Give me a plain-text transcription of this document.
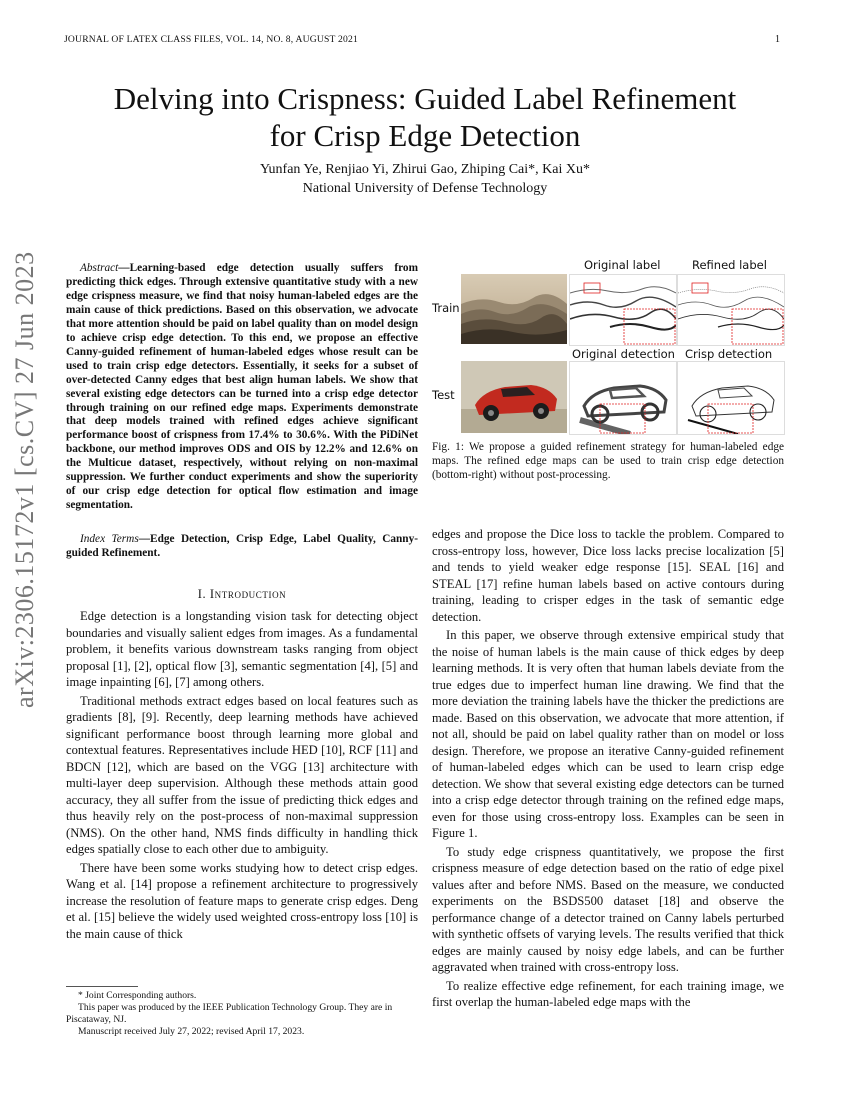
JOURNAL OF LATEX CLASS FILES, VOL. 14, NO. 8, AUGUST 2021	1
Delving into Crispness: Guided Label Refinement
for Crisp Edge Detection
Yunfan Ye, Renjiao Yi, Zhirui Gao, Zhiping Cai*, Kai Xu*
National University of Defense Technology
arXiv:2306.15172v1 [cs.CV] 27 Jun 2023	Abstract—Learning-based edge detection usually suffers from predicting thick edges. Through extensive quantitative study with a new edge crispness measure, we find that noisy human-labeled edges are the main cause of thick predictions. Based on this observation, we advocate that more attention should be paid on label quality than on model design to achieve crisp edge detection. To this end, we propose an effective Canny-guided refinement of human-labeled edges whose result can be used to train crisp edge detectors. Essentially, it seeks for a subset of over-detected Canny edges that best align human labels. We show that several existing edge detectors can be turned into a crisp edge detector through training on our refined edge maps. Experiments demonstrate that deep models trained with refined edges achieve significant performance boost of crispness from 17.4% to 30.6%. With the PiDiNet backbone, our method improves ODS and OIS by 12.2% and 12.6% on the Multicue dataset, respectively, without relying on non-maximal suppression. We further conduct experiments and show the superiority of our crisp edge detection for optical flow estimation and image segmentation.

Index Terms—Edge Detection, Crisp Edge, Label Quality, Canny-guided Refinement.

I. Introduction

Edge detection is a longstanding vision task for detecting object boundaries and visually salient edges from images. As a fundamental problem, it benefits various downstream tasks ranging from object proposal [1], [2], optical flow [3], semantic segmentation [4], [5] and image inpainting [6], [7] among others.

Traditional methods extract edges based on local features such as gradients [8], [9]. Recently, deep learning methods have achieved significant performance boost through learning more global and contextual features. Representatives include HED [10], RCF [11] and BDCN [12], which are based on the VGG [13] architecture with multi-layer deep supervision. Although these methods attain good accuracy, they all suffer from the issue of predicting thick edges and thus heavily rely on the post-process of non-maximal suppression (NMS). On the other hand, NMS finds difficulty in handling thick edges spatially close to each other due to ambiguity.

There have been some works studying how to detect crisp edges. Wang et al. [14] propose a refinement architecture to progressively increase the resolution of feature maps to generate crisp edges. Deng et al. [15] believe the widely used weighted cross-entropy loss [10] is the main cause of thick

* Joint Corresponding authors.

This paper was produced by the IEEE Publication Technology Group. They are in Piscataway, NJ.

Manuscript received July 27, 2022; revised April 17, 2023.

Original label	Refined label
Train
Original detection Crisp detection
Test
Fig. 1: We propose a guided refinement strategy for human-labeled edge maps. The refined edge maps can be used to train crisp edge detection (bottom-right) without post-processing.

edges and propose the Dice loss to tackle the problem. Compared to cross-entropy loss, however, Dice loss lacks precise localization [5] and tends to yield weaker edge response [15]. SEAL [16] and STEAL [17] refine human labels based on active contours during training, leading to crisper edges in the task of semantic edge detection.

In this paper, we observe through extensive empirical study that the noise of human labels is the main cause of thick edges by deep learning methods. It is very often that human labels deviate from the true edges due to imperfect human line drawing. We find that the more deviation the training labels have the thicker the predictions are made. Based on this observation, we advocate that more attention, if not all, should be paid on label quality rather than on model or loss design. Therefore, we propose an iterative Canny-guided refinement of human-labeled edges which can be used to learn crisp edge detection. We show that several existing edge detectors can be turned into a crisp edge detector through training on the refined edge maps, even for those using cross-entropy loss. Examples can be seen in Figure 1.

To study edge crispness quantitatively, we propose the first crispness measure of edge detection based on the ratio of edge pixel values after and before NMS. Based on the measure, we conducted experiments on the BSDS500 dataset [18] and observe the performance change of a detector trained on Canny labels perturbed with synthetic offsets of varying levels. The results verified that thick edges are mainly caused by noisy edge labels, and can be further aggravated when trained with cross-entropy loss.

To realize effective edge refinement, for each training image, we first overlap the human-labeled edge maps with the
